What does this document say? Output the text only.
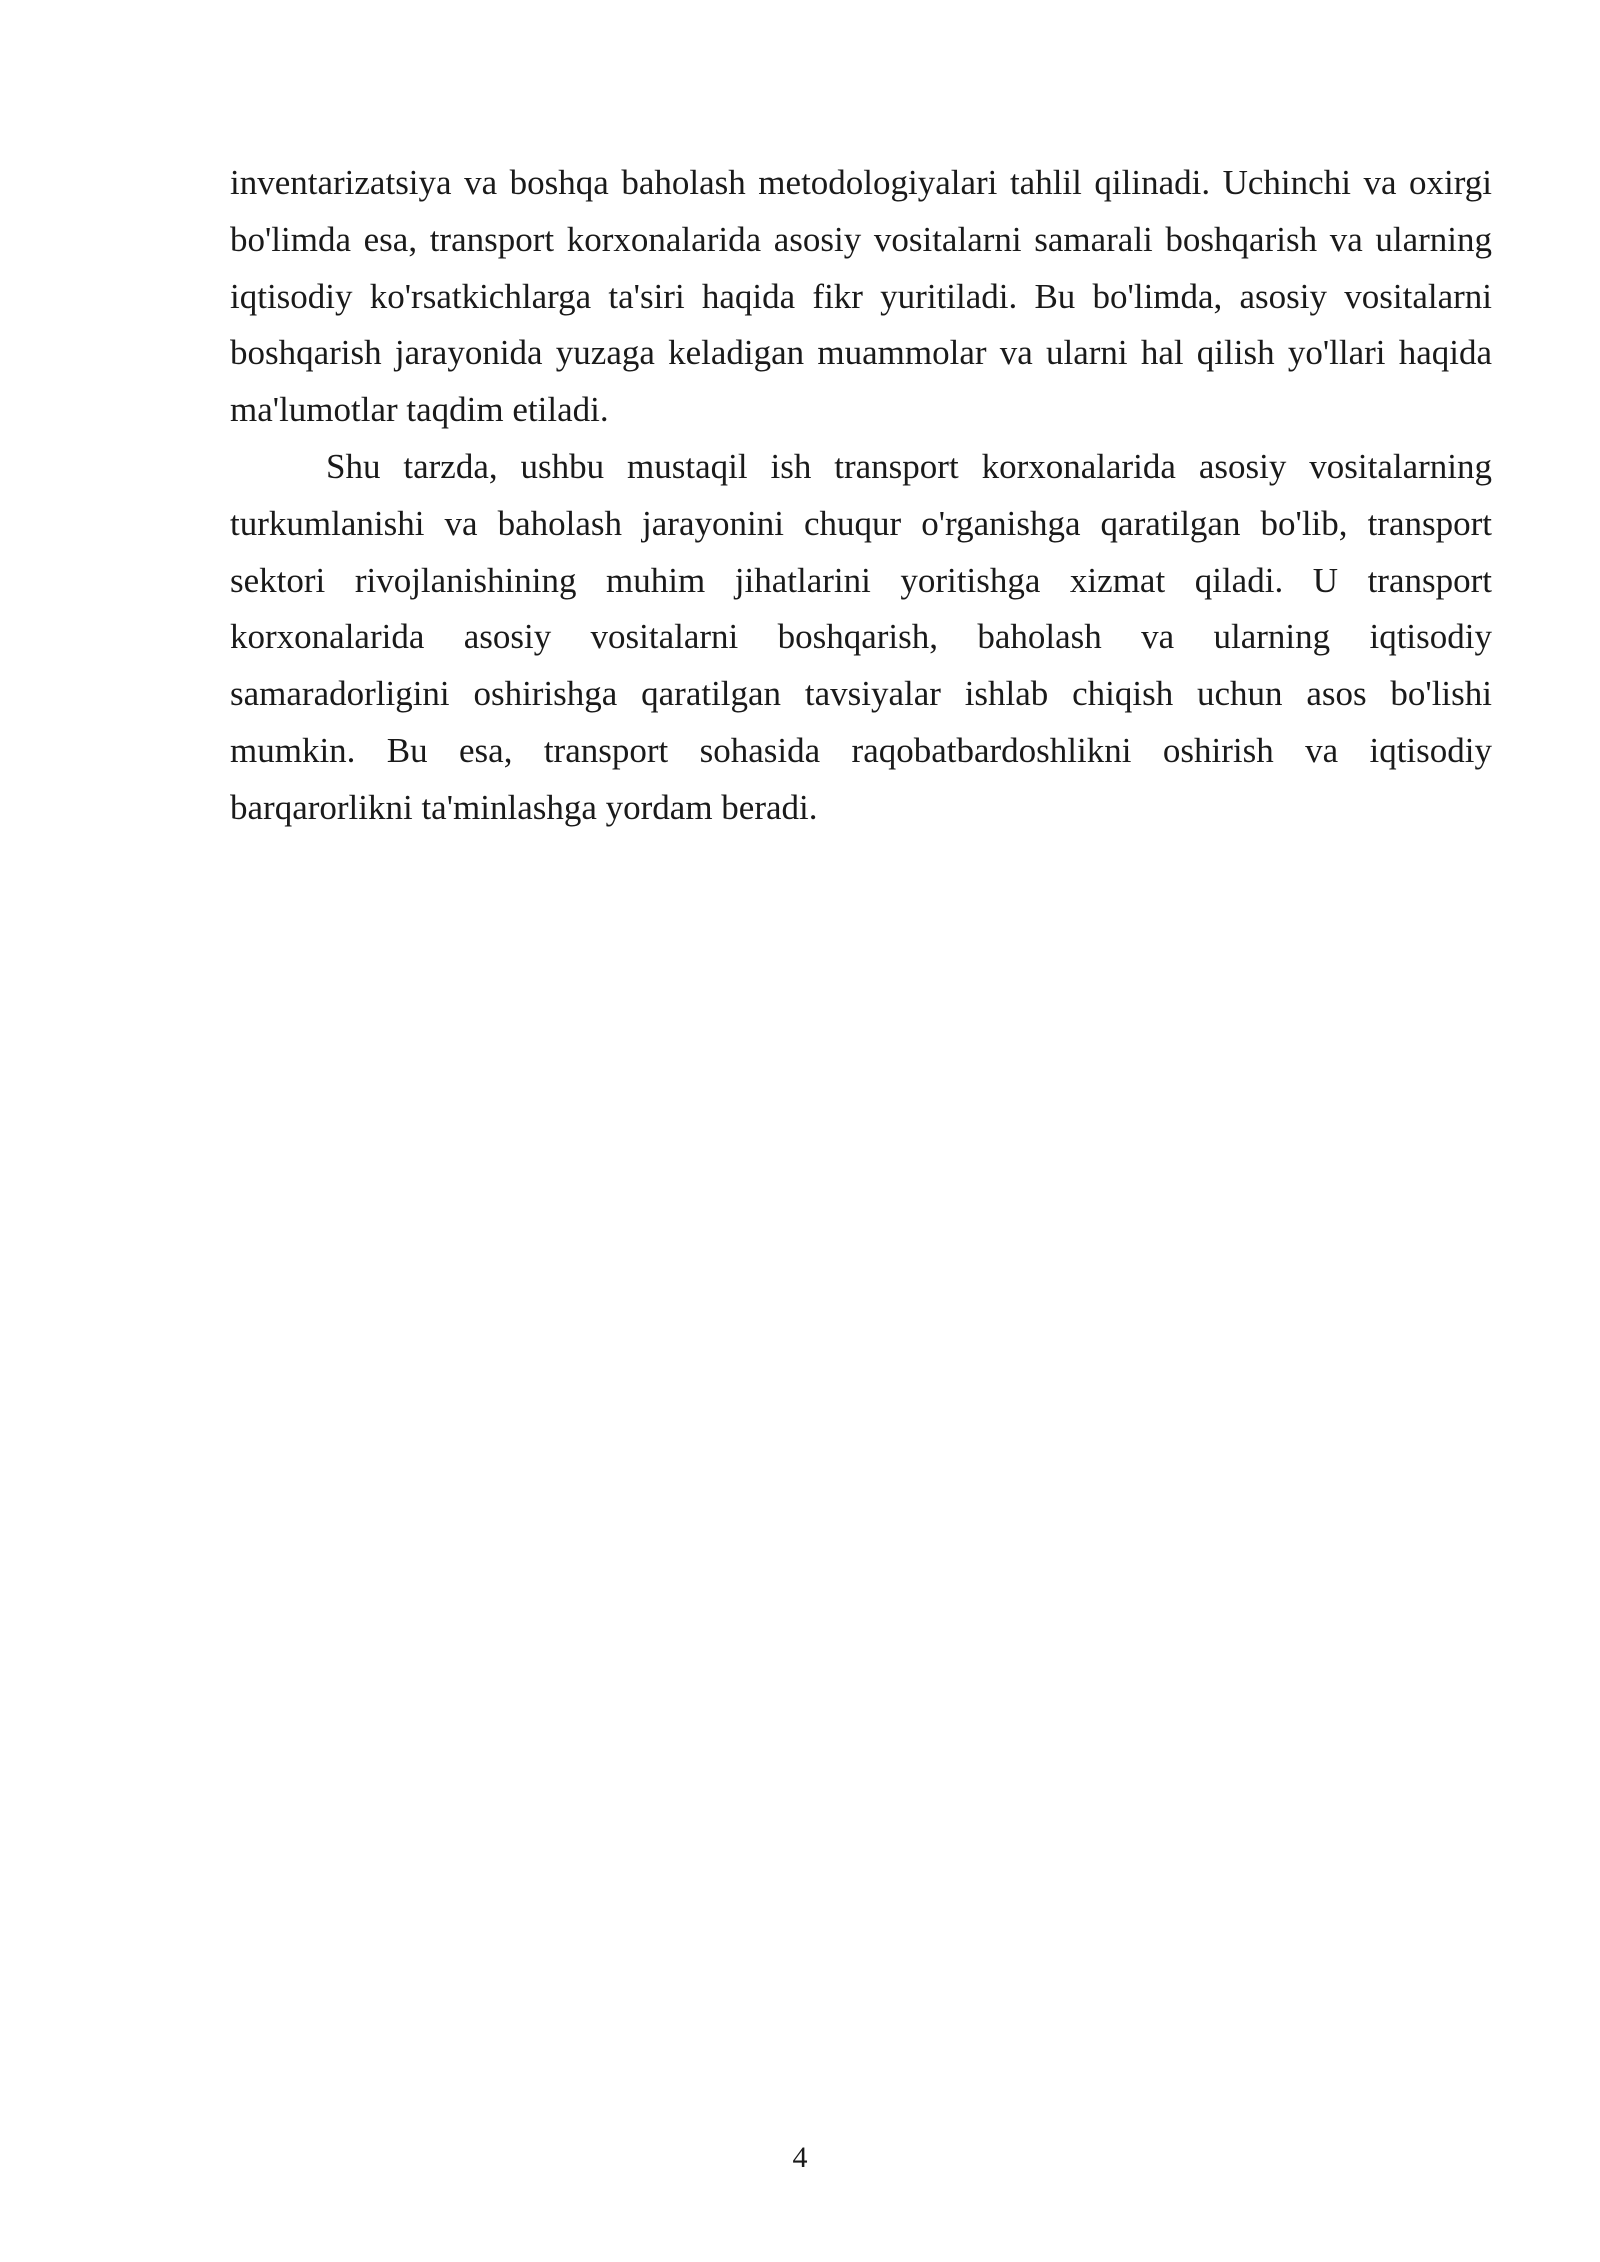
inventarizatsiya va boshqa baholash metodologiyalari tahlil qilinadi. Uchinchi va oxirgi bo'limda esa, transport korxonalarida asosiy vositalarni samarali boshqarish va ularning iqtisodiy ko'rsatkichlarga ta'siri haqida fikr yuritiladi. Bu bo'limda, asosiy vositalarni boshqarish jarayonida yuzaga keladigan muammolar va ularni hal qilish yo'llari haqida ma'lumotlar taqdim etiladi.

Shu tarzda, ushbu mustaqil ish transport korxonalarida asosiy vositalarning turkumlanishi va baholash jarayonini chuqur o'rganishga qaratilgan bo'lib, transport sektori rivojlanishining muhim jihatlarini yoritishga xizmat qiladi. U transport korxonalarida asosiy vositalarni boshqarish, baholash va ularning iqtisodiy samaradorligini oshirishga qaratilgan tavsiyalar ishlab chiqish uchun asos bo'lishi mumkin. Bu esa, transport sohasida raqobatbardoshlikni oshirish va iqtisodiy barqarorlikni ta'minlashga yordam beradi.

4
